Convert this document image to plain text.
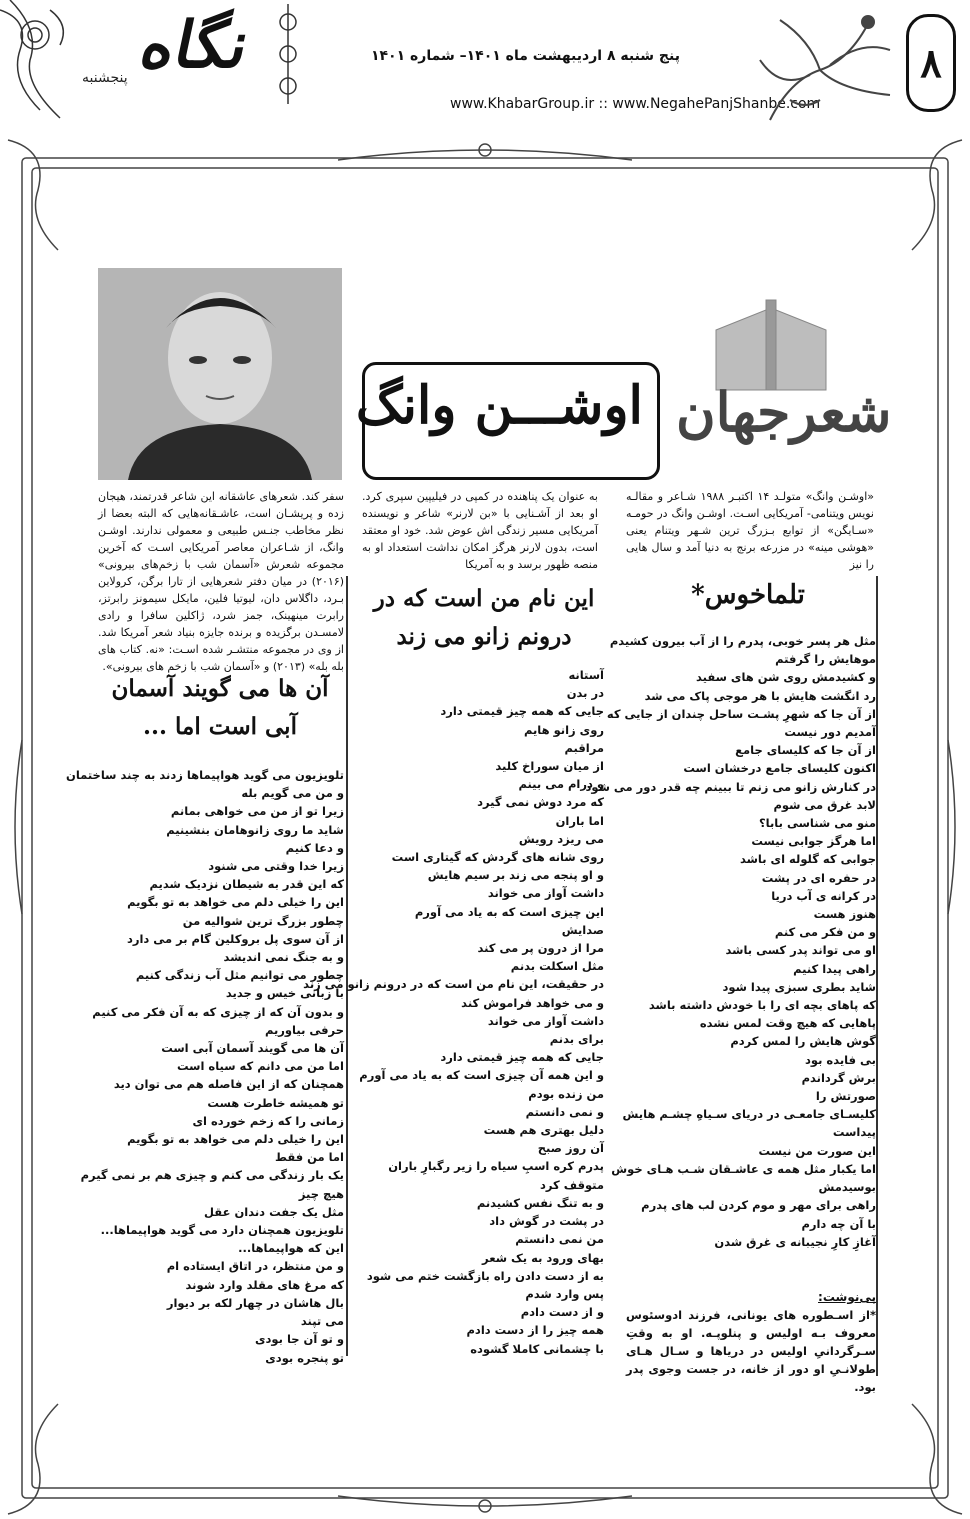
نگاه
پنجشنبه
پنج شنبه ۸ اردیبهشت ماه ۱۴۰۱– شماره ۱۴۰۱
www.KhabarGroup.ir :: www.NegahePanjShanbe.com
۸
شعرجهان
اوشـــن وانگ
«اوشـن وانگ» متولـد ۱۴ اکتبـر ۱۹۸۸ شـاعر و مقالـه نویس ویتنامی- آمریکایی اسـت. اوشـن وانگ در حومـه «سـایگن» از توابع بـزرگ ترین شـهر ویتنام یعنی «هوشی مینه» در مزرعه برنج به دنیا آمد و سال هایی را نیز
به عنوان یک پناهنده در کمپی در فیلیپین سپری کرد. او بعد از آشـنایی با «بن لارنر» شاعر و نویسنده آمریکایی مسیر زندگی اش عوض شد. خود او معتقد است، بدون لارنر هرگز امکان نداشت استعداد او به منصه ظهور برسد و به آمریکا
سفر کند. شعرهای عاشقانه این شاعر قدرتمند، هیجان زده و پریشـان است، عاشـقانه‌هایی که البته بعضا از نظر مخاطب جنـس طبیعی و معمولی ندارند. اوشـن وانگ، از شـاعران معاصر آمریکایی اسـت که آخرین مجموعه شعرش «آسمان شب با زخم‌های بیرونی» (۲۰۱۶) در میان دفتر شعرهایی از تارا برگن، کرولاین بـرد، داگلاس دان، لیوتیا فلین، مایکل سیمونز رابرتز، رابرت مینهینک، جمز شرد، ژاکلین سافرا و رادی لامسـدن برگزیده و برنده جایزه بنیاد شعر آمریکا شد. از وی در مجموعه منتشـر شده اسـت: «نه. کتاب های بله بله» (۲۰۱۳) و «آسمان شب با زخم های بیرونی».
تلماخوس*
مثل هر پسر خوبی، پدرم را از آب بیرون کشیدم
موهایش را گرفتم
و کشیدمش روی شن های سفید
رد انگشت هایش با هر موجی پاک می شد
از آن جا که شهرِ پشـت ساحل چندان از جایی که
آمدیم دور نیست
از آن جا که کلیسای جامع
اکنون کلیسای جامع درخشان است
در کنارش زانو می زنم تا ببینم چه قدر دور می شود
لابد غرق می شوم
منو می شناسی بابا؟
اما هرگز جوابی نیست
جوابی که گلوله ای باشد
در حفره ای در پشت
در کرانه ی آب دریا
هنوز هست
و من فکر می کنم
او می تواند پدر کسی باشد
راهی پیدا کنیم
شاید بطری سبزی پیدا شود
که پاهای بچه ای را با خودش داشته باشد
پاهایی که هیچ وقت لمس نشده
گوش هایش را لمس کردم
بی فایده بود
برش گرداندم
صورتش را
کلیسـای جامعـی در دریای سـیاهِ چشـم هایش
پیداست
این صورت من نیست
اما یکبار مثل همه ی عاشـقان شـب هـای خوش
بوسیدمش
راهی برای مهر و موم کردن لب های پدرم
با آن چه دارم
آغازِ کارِ نجیبانه ی غرق شدن
پی‌نوشت:
*از اسـطوره های یونانی، فرزند ادوسئوس معروف بـه اولیس و پنلوپـه. او به وقتِ سـرگردانیِ اولیس در دریاها و سـال هـای طولانـیِ او دور از خانه، در جست وجوی پدر بود.
این نام من است که در درونم زانو می زند
آستانه
در بدن
جایی که همه چیز قیمتی دارد
روی زانو هایم
مراقبم
از میان سوراخ کلید
و درام می بینم
که مرد دوش نمی گیرد
اما باران
می ریزد رویش
روی شانه های گردش که گیتاری است
و او پنجه می زند بر سیم هایش
داشت آواز می خواند
این چیزی است که به یاد می آورم
صدایش
مرا از درون پر می کند
مثل اسکلت بدنم
در حقیقت، این نام من است که در درونم زانو می زند
و می خواهد فراموش کند
داشت آواز می خواند
برای بدنم
جایی که همه چیز قیمتی دارد
و این همه آن چیزی است که به یاد می آورم
من زنده بودم
و نمی دانستم
دلیل بهتری هم هست
آن روز صبح
پدرم کره اسبِ سیاه را زیر رگبارِ باران
متوقف کرد
و به تنگ نفس کشیدنم
در پشت در گوش داد
من نمی دانستم
بهای ورود به یک شعر
به از دست دادن راه بازگشت ختم می شود
پس وارد شدم
و از دست دادم
همه چیز را از دست دادم
با چشمانی کاملا گشوده
آن ها می گویند آسمان آبی است اما ...
تلویزیون می گوید هواپیماها زدند به چند ساختمان
و من می گویم بله
زیرا تو از من می خواهی بمانم
شاید ما روی زانوهامان بنشینیم
و دعا کنیم
زیرا خدا وقتی می شنود
که این قدر به شیطان نزدیک شدیم
این را خیلی دلم می خواهد به تو بگویم
چطور بزرگ ترین شوالیه من
از آن سوی پل بروکلین گام بر می دارد
و به جنگ نمی اندیشد
چطور می توانیم مثل آب زندگی کنیم
با زبانی خیس و جدید
و بدون آن که از چیزی که به آن فکر می کنیم
حرفی بیاوریم
آن ها می گویند آسمان آبی است
اما من می دانم که سیاه است
همچنان که از این فاصله هم می توان دید
تو همیشه خاطرت هست
زمانی را که زخم خورده ای
این را خیلی دلم می خواهد به تو بگویم
اما من فقط
یک بار زندگی می کنم و چیزی هم بر نمی گیرم
هیچ چیز
مثل یک جفت دندان عقل
تلویزیون همچنان دارد می گوید هواپیماها...
این که هواپیماها...
و من منتظر، در اتاق ایستاده ام
که مرغ های مقلد وارد شوند
بال هاشان در چهار لکه بر دیوار
می تپند
و تو آن جا بودی
تو پنجره بودی
